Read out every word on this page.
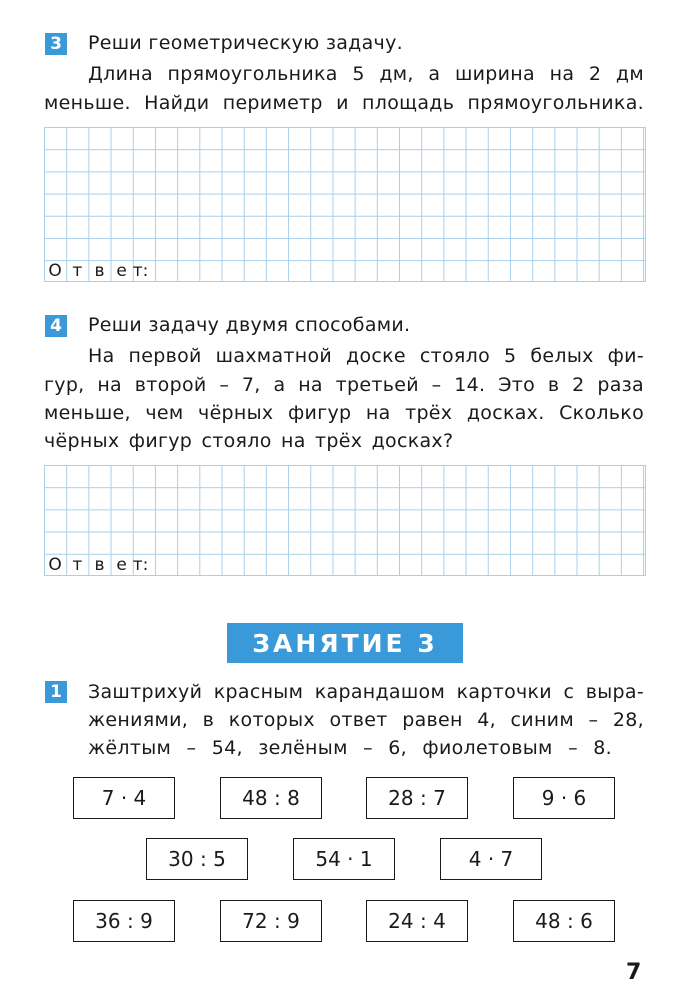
3 Реши геометрическую задачу.
Длина прямоугольника 5 дм, а ширина на 2 дм
меньше. Найди периметр и площадь прямоугольника.
О т в е т:
4 Реши задачу двумя способами.
На первой шахматной доске стояло 5 белых фи-
гур, на второй – 7, а на третьей – 14. Это в 2 раза
меньше, чем чёрных фигур на трёх досках. Сколько
чёрных фигур стояло на трёх досках?
О т в е т:
ЗАНЯТИЕ 3
1 Заштрихуй красным карандашом карточки с выра-
жениями, в которых ответ равен 4, синим – 28,
жёлтым – 54, зелёным – 6, фиолетовым – 8.
7 · 4	48 : 8	28 : 7	9 · 6
30 : 5	54 · 1	4 · 7
36 : 9	72 : 9	24 : 4	48 : 6
7
